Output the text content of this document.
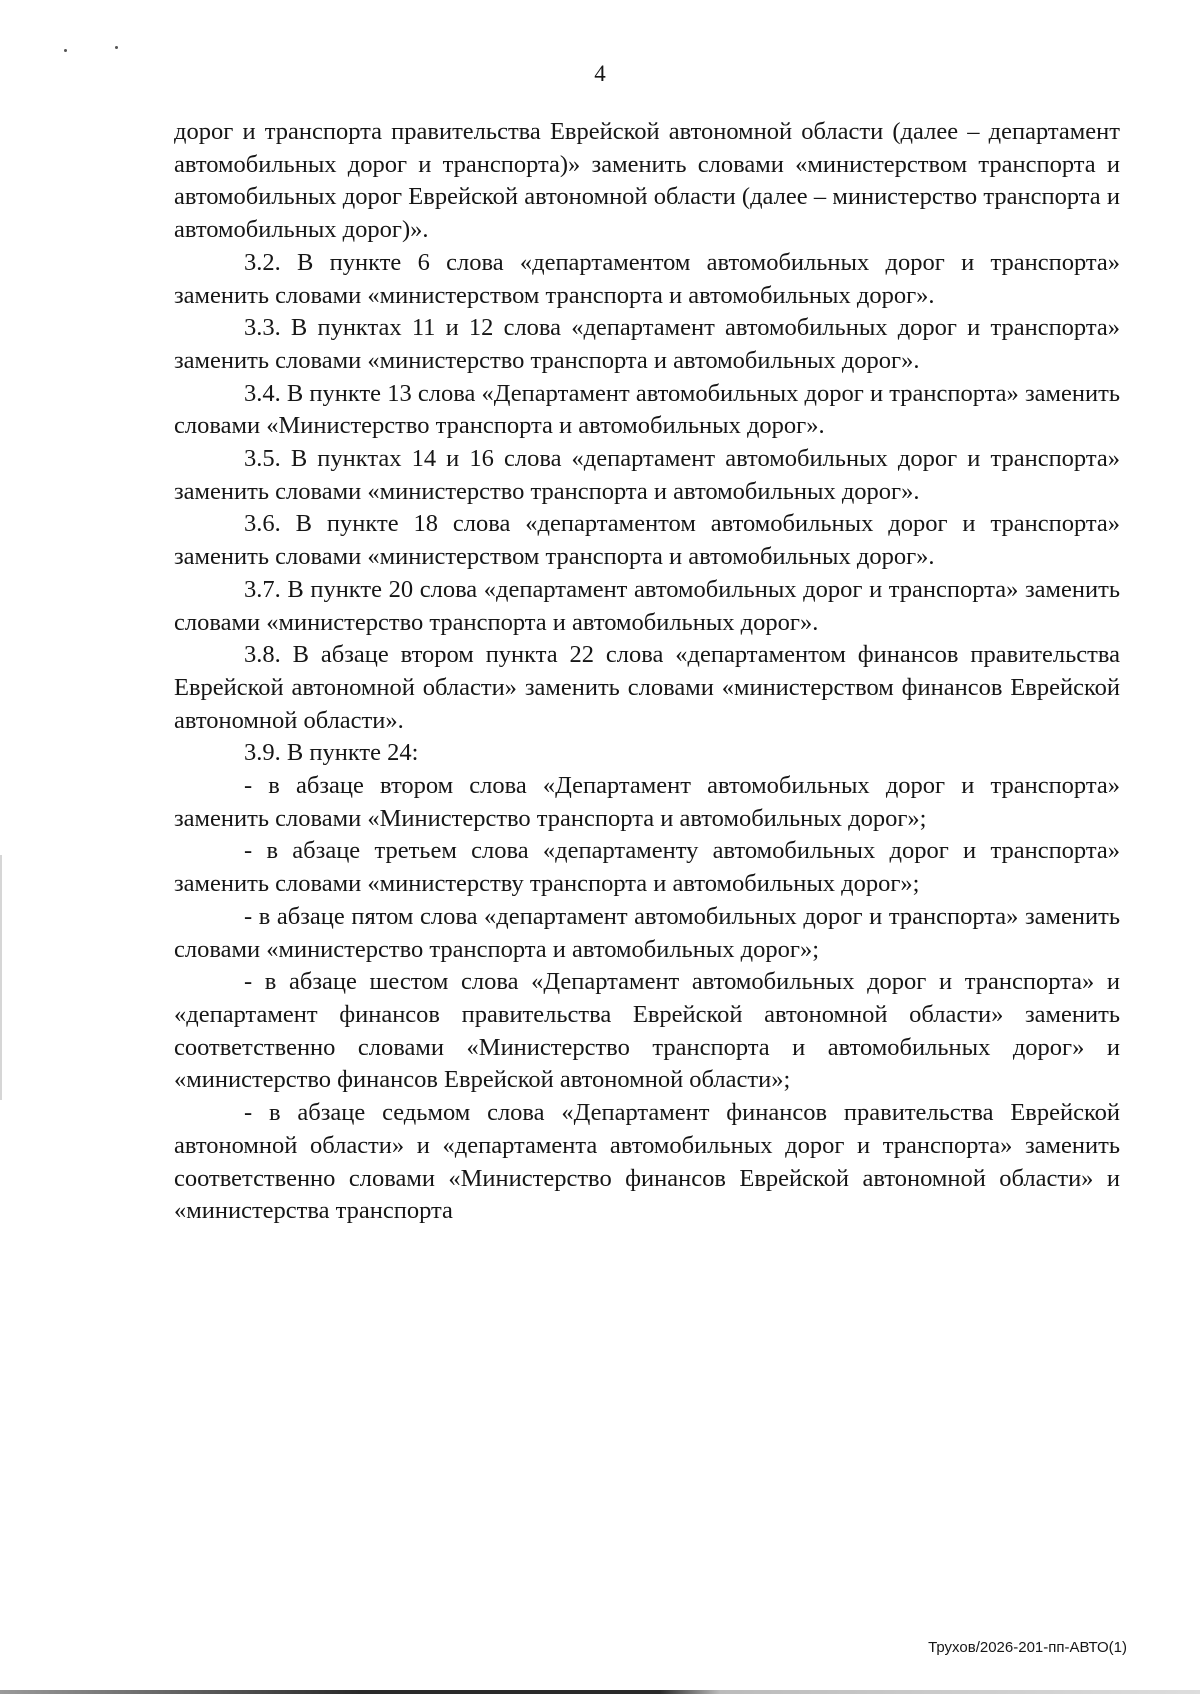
4

дорог и транспорта правительства Еврейской автономной области (далее – департамент автомобильных дорог и транспорта)» заменить словами «министерством транспорта и автомобильных дорог Еврейской автономной области (далее – министерство транспорта и автомобильных дорог)».

3.2. В пункте 6 слова «департаментом автомобильных дорог и транспорта» заменить словами «министерством транспорта и автомобильных дорог».

3.3. В пунктах 11 и 12 слова «департамент автомобильных дорог и транспорта» заменить словами «министерство транспорта и автомобильных дорог».

3.4. В пункте 13 слова «Департамент автомобильных дорог и транспорта» заменить словами «Министерство транспорта и автомобильных дорог».

3.5. В пунктах 14 и 16 слова «департамент автомобильных дорог и транспорта» заменить словами «министерство транспорта и автомобильных дорог».

3.6. В пункте 18 слова «департаментом автомобильных дорог и транспорта» заменить словами «министерством транспорта и автомобильных дорог».

3.7. В пункте 20 слова «департамент автомобильных дорог и транспорта» заменить словами «министерство транспорта и автомобильных дорог».

3.8. В абзаце втором пункта 22 слова «департаментом финансов правительства Еврейской автономной области» заменить словами «министерством финансов Еврейской автономной области».

3.9. В пункте 24:

- в абзаце втором слова «Департамент автомобильных дорог и транспорта» заменить словами «Министерство транспорта и автомобильных дорог»;

- в абзаце третьем слова «департаменту автомобильных дорог и транспорта» заменить словами «министерству транспорта и автомобильных дорог»;

- в абзаце пятом слова «департамент автомобильных дорог и транспорта» заменить словами «министерство транспорта и автомобильных дорог»;

- в абзаце шестом слова «Департамент автомобильных дорог и транспорта» и «департамент финансов правительства Еврейской автономной области» заменить соответственно словами «Министерство транспорта и автомобильных дорог» и «министерство финансов Еврейской автономной области»;

- в абзаце седьмом слова «Департамент финансов правительства Еврейской автономной области» и «департамента автомобильных дорог и транспорта» заменить соответственно словами «Министерство финансов Еврейской автономной области» и «министерства транспорта

Трухов/2026-201-пп-АВТО(1)
